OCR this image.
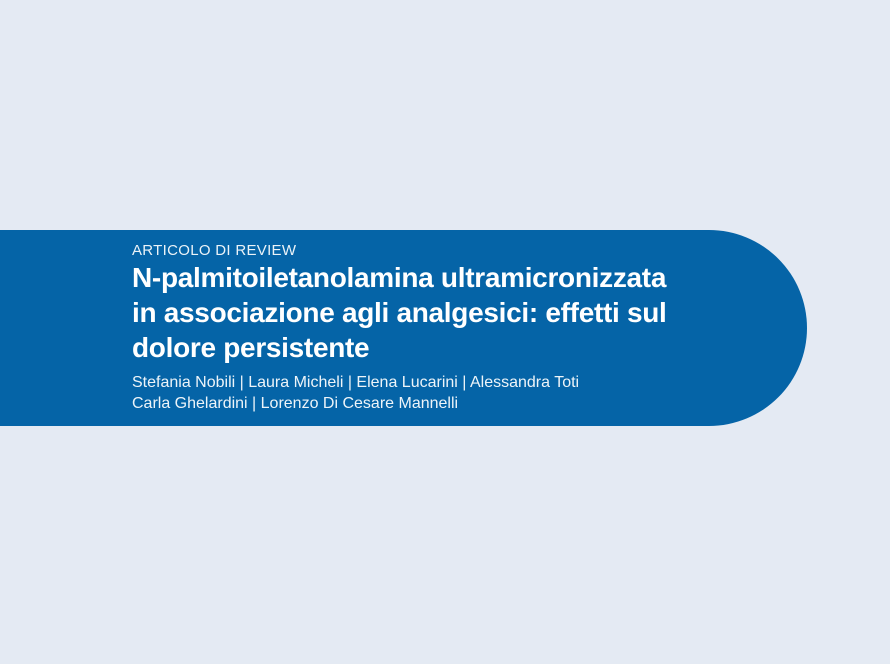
ARTICOLO DI REVIEW
N-palmitoiletanolamina ultramicronizzata
in associazione agli analgesici: effetti sul
dolore persistente
Stefania Nobili | Laura Micheli | Elena Lucarini | Alessandra Toti
Carla Ghelardini | Lorenzo Di Cesare Mannelli
